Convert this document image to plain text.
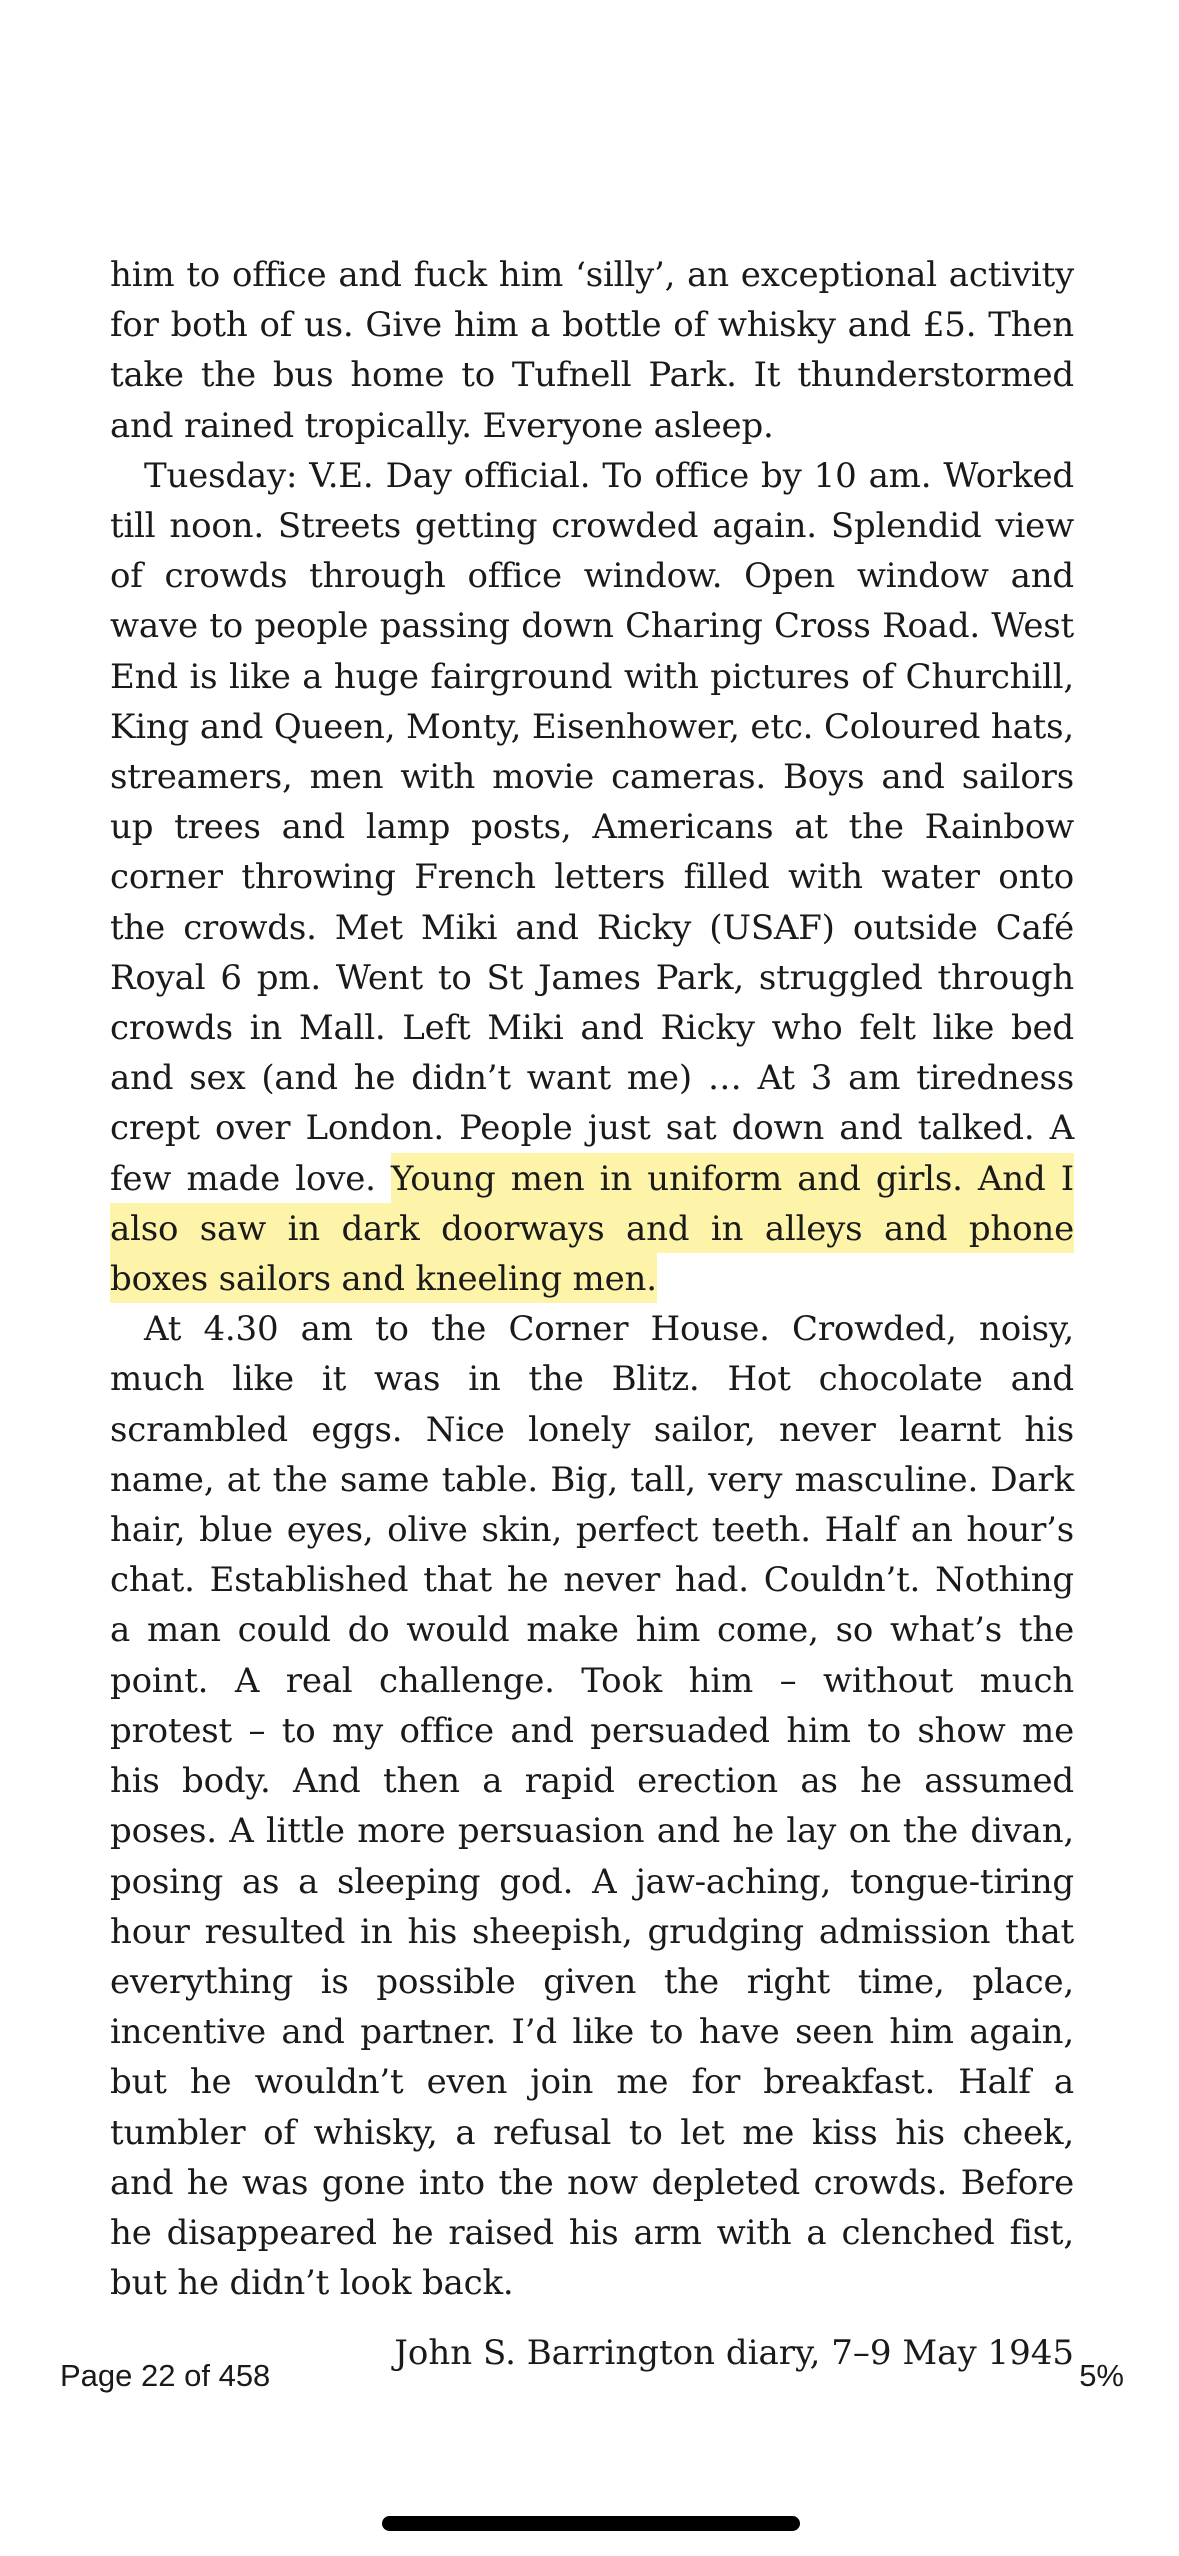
him to office and fuck him ‘silly’, an exceptional activity for both of us. Give him a bottle of whisky and £5. Then take the bus home to Tufnell Park. It thunderstormed and rained tropically. Everyone asleep.

Tuesday: V.E. Day official. To office by 10 am. Worked till noon. Streets getting crowded again. Splendid view of crowds through office window. Open window and wave to people passing down Charing Cross Road. West End is like a huge fairground with pictures of Churchill, King and Queen, Monty, Eisenhower, etc. Coloured hats, streamers, men with movie cameras. Boys and sailors up trees and lamp posts, Americans at the Rainbow corner throwing French letters filled with water onto the crowds. Met Miki and Ricky (USAF) outside Café Royal 6 pm. Went to St James Park, struggled through crowds in Mall. Left Miki and Ricky who felt like bed and sex (and he didn’t want me) … At 3 am tiredness crept over London. People just sat down and talked. A few made love. Young men in uniform and girls. And I also saw in dark doorways and in alleys and phone boxes sailors and kneeling men.

At 4.30 am to the Corner House. Crowded, noisy, much like it was in the Blitz. Hot chocolate and scrambled eggs. Nice lonely sailor, never learnt his name, at the same table. Big, tall, very masculine. Dark hair, blue eyes, olive skin, perfect teeth. Half an hour’s chat. Established that he never had. Couldn’t. Nothing a man could do would make him come, so what’s the point. A real challenge. Took him – without much protest – to my office and persuaded him to show me his body. And then a rapid erection as he assumed poses. A little more persuasion and he lay on the divan, posing as a sleeping god. A jaw-aching, tongue-tiring hour resulted in his sheepish, grudging admission that everything is possible given the right time, place, incentive and partner. I’d like to have seen him again, but he wouldn’t even join me for breakfast. Half a tumbler of whisky, a refusal to let me kiss his cheek, and he was gone into the now depleted crowds. Before he disappeared he raised his arm with a clenched fist, but he didn’t look back.

John S. Barrington diary, 7–9 May 1945

Page 22 of 458	5%
